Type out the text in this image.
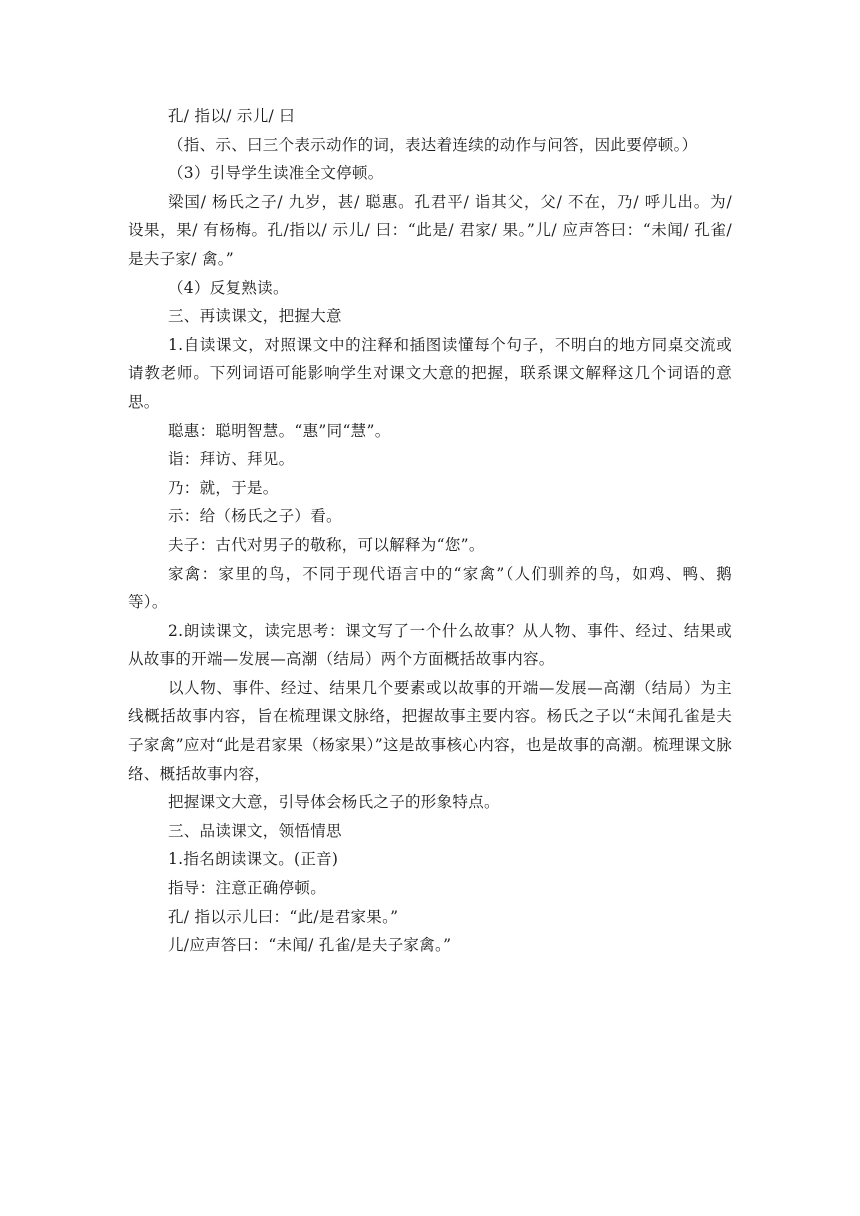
孔/ 指以/ 示儿/ 曰

（指、示、曰三个表示动作的词，表达着连续的动作与问答，因此要停顿。）

（3）引导学生读准全文停顿。

梁国/ 杨氏之子/ 九岁，甚/ 聪惠。孔君平/ 诣其父，父/ 不在，乃/ 呼儿出。为/ 设果，果/ 有杨梅。孔/指以/ 示儿/ 曰：“此是/ 君家/ 果。”儿/ 应声答曰：“未闻/ 孔雀/ 是夫子家/ 禽。”

（4）反复熟读。

三、再读课文，把握大意

1.自读课文，对照课文中的注释和插图读懂每个句子，不明白的地方同桌交流或请教老师。下列词语可能影响学生对课文大意的把握，联系课文解释这几个词语的意思。

聪惠：聪明智慧。“惠”同“慧”。

诣：拜访、拜见。

乃：就，于是。

示：给（杨氏之子）看。

夫子：古代对男子的敬称，可以解释为“您”。

家禽：家里的鸟，不同于现代语言中的“家禽”（人们驯养的鸟，如鸡、鸭、鹅等）。

2.朗读课文，读完思考：课文写了一个什么故事？从人物、事件、经过、结果或从故事的开端—发展—高潮（结局）两个方面概括故事内容。

以人物、事件、经过、结果几个要素或以故事的开端—发展—高潮（结局）为主线概括故事内容，旨在梳理课文脉络，把握故事主要内容。杨氏之子以“未闻孔雀是夫子家禽”应对“此是君家果（杨家果）”这是故事核心内容，也是故事的高潮。梳理课文脉络、概括故事内容，

把握课文大意，引导体会杨氏之子的形象特点。

三、品读课文，领悟情思

1.指名朗读课文。(正音)

指导：注意正确停顿。

孔/ 指以示儿曰：“此/是君家果。”

儿/应声答曰：“未闻/ 孔雀/是夫子家禽。”
